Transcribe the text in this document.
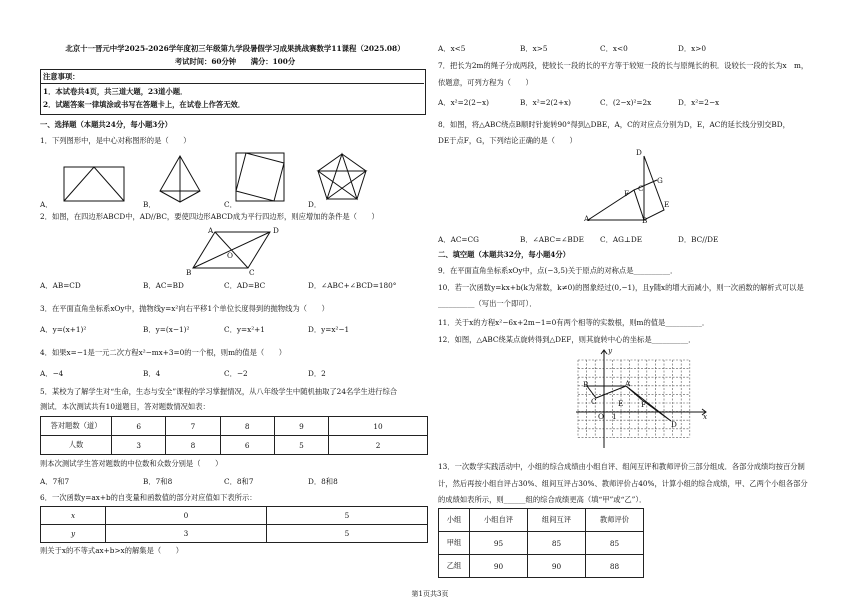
北京十一晋元中学2025-2026学年度初三年级第九学段暑假学习成果挑战赛数学11课程（2025.08）
考试时间：60分钟　　满分：100分
注意事项：
1．本试卷共4页，共三道大题，23道小题．
2．试题答案一律填涂或书写在答题卡上，在试卷上作答无效．
一、选择题（本题共24分，每小题3分）
1．下列图形中，是中心对称图形的是（　　）
A．	B．	C．	D．
2．如图，在四边形ABCD中，AD//BC，要使四边形ABCD成为平行四边形，则应增加的条件是（　　）
A	D
O
B	C
A．AB=CD	B．AC=BD	C．AD=BC	D．∠ABC+∠BCD=180°
3．在平面直角坐标系xOy中，抛物线y=x²向右平移1个单位长度得到的抛物线为（　　）
A．y=(x+1)²	B．y=(x−1)²	C．y=x²+1	D．y=x²−1
4．如果x=−1是一元二次方程x²−mx+3=0的一个根，则m的值是（　　）
A．−4	B．4	C．−2	D．2
5．某校为了解学生对“生命，生态与安全”课程的学习掌握情况，从八年级学生中随机抽取了24名学生进行综合
测试．本次测试共有10道题目，答对题数情况如表：
答对题数（道）	6	7	8	9	10
人数	3	8	6	5	2
则本次测试学生答对题数的中位数和众数分别是（　　）
A．7和7	B．7和8	C．8和7	D．8和8
6．一次函数y=ax+b的自变量和函数值的部分对应值如下表所示：
x	0	5
y	3	5
则关于x的不等式ax+b>x的解集是（　　）
A．x<5	B．x>5	C．x<0	D．x>0
7．把长为2m的绳子分成两段，使较长一段的长的平方等于较短一段的长与原绳长的积．设较长一段的长为x　m，
依题意，可列方程为（　　）
A．x²=2(2−x)	B．x²=2(2+x)	C．(2−x)²=2x	D．x²=2−x
8．如图，将△ABC绕点B顺时针旋转90°得到△DBE，A，C的对应点分别为D，E，AC的延长线分别交BD，
DE于点F，G，下列结论正确的是（　　）
D
G
C
F
E
A	B
A．AC=CG	B．∠ABC=∠BDE C．AG⊥DE	D．BC//DE
二、填空题（本题共32分，每小题4分）
9．在平面直角坐标系xOy中，点(−3,5)关于原点的对称点是__________．
10．若一次函数y=kx+b(k为常数，k≠0)的图象经过(0,−1)，且y随x的增大而减小，则一次函数的解析式可以是
__________（写出一个即可）．
11．关于x的方程x²−6x+2m−1=0有两个相等的实数根，则m的值是__________．
12．如图，△ABC绕某点旋转得到△DEF，则其旋转中心的坐标是__________．
y
B	A
C	E F
O 1	x
D
13．一次数学实践活动中，小组的综合成绩由小组自评、组间互评和教师评价三部分组成．各部分成绩均按百分制
计，然后再按小组自评占30%、组间互评占30%、教师评价占40%，计算小组的综合成绩，甲、乙两个小组各部分
的成绩如表所示，则______组的综合成绩更高（填“甲”或“乙”）．
小组	小组自评	组间互评	教师评价
甲组	95	85	85
乙组	90	90	88
第1页共3页
